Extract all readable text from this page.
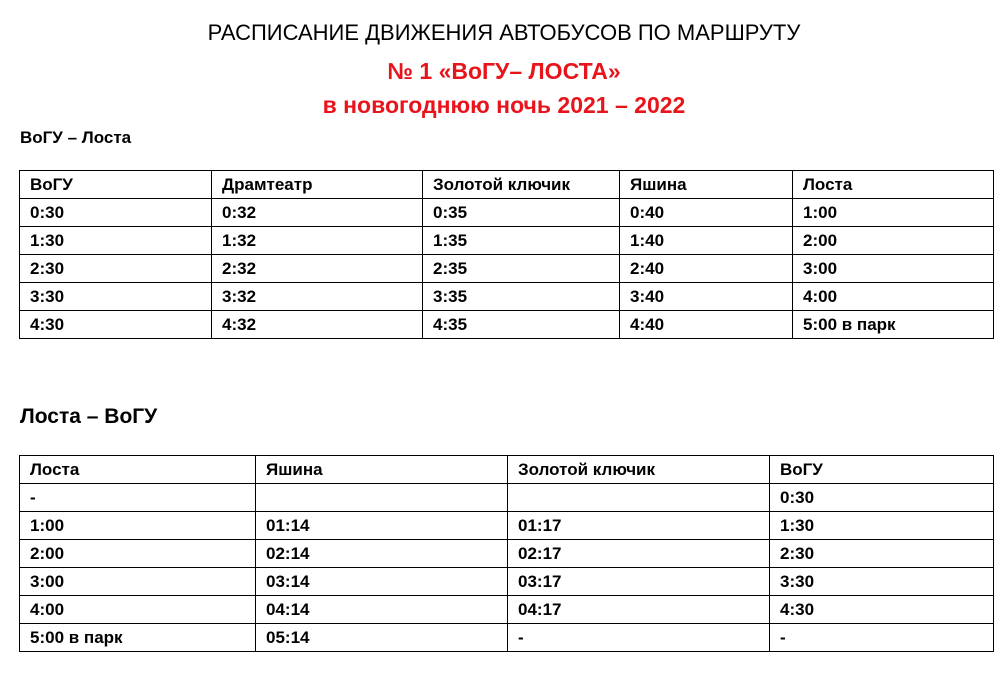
РАСПИСАНИЕ ДВИЖЕНИЯ АВТОБУСОВ ПО МАРШРУТУ
№ 1 «ВоГУ– ЛОСТА»
в новогоднюю ночь 2021 – 2022
ВоГУ – Лоста
ВоГУ	Драмтеатр	Золотой ключик	Яшина	Лоста
0:30	0:32	0:35	0:40	1:00
1:30	1:32	1:35	1:40	2:00
2:30	2:32	2:35	2:40	3:00
3:30	3:32	3:35	3:40	4:00
4:30	4:32	4:35	4:40	5:00 в парк
Лоста – ВоГУ
Лоста	Яшина	Золотой ключик	ВоГУ
-			0:30
1:00	01:14	01:17	1:30
2:00	02:14	02:17	2:30
3:00	03:14	03:17	3:30
4:00	04:14	04:17	4:30
5:00 в парк	05:14	-	-
